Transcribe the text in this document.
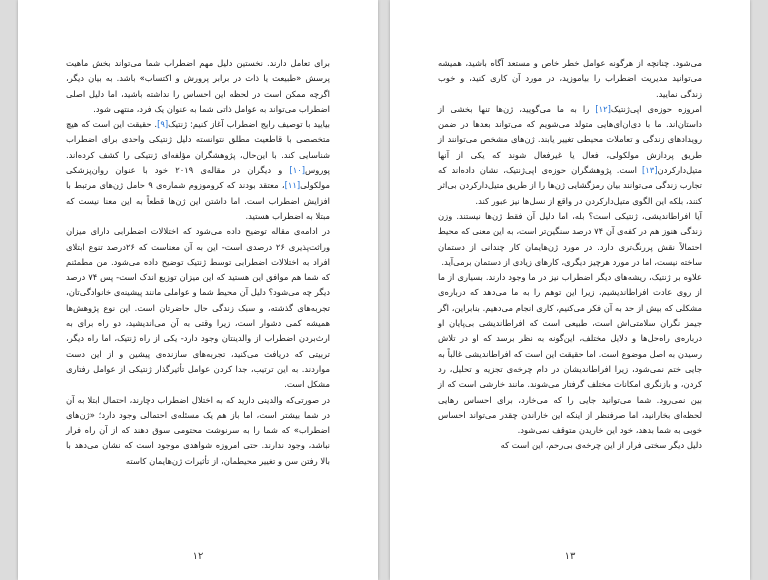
برای تعامل دارند. نخستین دلیل مهم اضطراب شما می‌تواند بخش ماهیت پرسش «طبیعت یا ذات در برابر پرورش و اکتساب» باشد. به بیان دیگر، اگرچه ممکن است در لحظه این احساس را نداشته باشید، اما دلیل اصلی اضطراب می‌تواند به عوامل ذاتی شما به عنوان یک فرد، منتهی شود.

بیایید با توصیف رایج اضطراب آغاز کنیم: ژنتیک[۹]. حقیقت این است که هیچ متخصصی با قاطعیت مطلق نتوانسته دلیل ژنتیکی واحدی برای اضطراب شناسایی کند. با این‌حال، پژوهشگران مؤلفه‌ای ژنتیکی را کشف کرده‌اند. پوروس[۱۰] و دیگران در مقاله‌ی ۲۰۱۹ خود با عنوان روان‌پزشکی مولکولی[۱۱]، معتقد بودند که کروموزوم شماره‌ی ۹ حامل ژن‌های مرتبط با افزایش اضطراب است. اما داشتن این ژن‌ها قطعاً به این معنا نیست که مبتلا به اضطراب هستید.

در ادامه‌ی مقاله توضیح داده می‌شود که اختلالات اضطرابی دارای میزان وراثت‌پذیری ۲۶ درصدی است- این به آن معناست که ۲۶درصد تنوع ابتلای افراد به اختلالات اضطرابی توسط ژنتیک توضیح داده می‌شود. من مطمئنم که شما هم موافق این هستید که این میزان توزیع اندک است- پس ۷۴ درصد دیگر چه می‌شود؟ دلیل آن محیط شما و عواملی مانند پیشینه‌ی خانوادگی‌تان، تجربه‌های گذشته، و سبک زندگی حال حاضرتان است. این نوع پژوهش‌ها همیشه کمی دشوار است، زیرا وقتی به آن می‌اندیشید، دو راه برای به ارث‌بردن اضطراب از والدینتان وجود دارد- یکی از راه ژنتیک، اما راه دیگر، تربیتی که دریافت می‌کنید، تجربه‌های سازنده‌ی پیشین و از این دست مواردند. به این ترتیب، جدا کردن عوامل تأثیرگذار ژنتیکی از عوامل رفتاری مشکل است.

در صورتی‌که والدینی دارید که به اختلال اضطراب دچارند، احتمال ابتلا به آن در شما بیشتر است، اما باز هم یک مسئله‌ی احتمالی وجود دارد؛ «ژن‌های اضطراب» که شما را به سرنوشت محتومی سوق دهند که از آن راه فرار نباشد، وجود ندارند. حتی امروزه شواهدی موجود است که نشان می‌دهد با بالا رفتن سن و تغییر محیطمان، از تأثیرات ژن‌هایمان کاسته

۱۲

می‌شود. چنانچه از هرگونه عوامل خطر خاص و مستعد آگاه باشید، همیشه می‌توانید مدیریت اضطراب را بیاموزید، در مورد آن کاری کنید، و خوب زندگی نمایید.

امروزه حوزه‌ی اپی‌ژنتیک[۱۲] را به ما می‌گویید، ژن‌ها تنها بخشی از داستان‌اند. ما با دی‌ان‌ای‌هایی متولد می‌شویم که می‌تواند بعدها در ضمن رویدادهای زندگی و تعاملات محیطی تغییر یابند. ژن‌های مشخص می‌توانند از طریق پردازش مولکولی، فعال یا غیرفعال شوند که یکی از آنها متیل‌دارکردن[۱۳] است. پژوهشگران حوزه‌ی اپی‌ژنتیک، نشان داده‌اند که تجارب زندگی می‌توانند بیان رمزگشایی ژن‌ها را از طریق متیل‌دارکردن بی‌اثر کنند، بلکه این الگوی متیل‌دارکردن در واقع از نسل‌ها نیز عبور کند.

آیا افراطاندیشی، ژنتیکی است؟ بله، اما دلیل آن فقط ژن‌ها نیستند. وزن زندگی هنوز هم در کفه‌ی آن ۷۴ درصد سنگین‌تر است، به این معنی که محیط احتمالاً نقش پررنگ‌تری دارد. در مورد ژن‌هایمان کار چندانی از دستمان ساخته نیست، اما در مورد هرچیز دیگری، کارهای زیادی از دستمان برمی‌آید.

علاوه بر ژنتیک، ریشه‌های دیگر اضطراب نیز در ما وجود دارند. بسیاری از ما از روی عادت افراطاندیشیم، زیرا این توهم را به ما می‌دهد که درباره‌ی مشکلی که بیش از حد به آن فکر می‌کنیم، کاری انجام می‌دهیم. بنابراین، اگر جیمز نگران سلامتی‌اش است، طبیعی است که افراطاندیشی بی‌پایان او درباره‌ی راه‌حل‌ها و دلایل مختلف، این‌گونه به نظر برسد که او در تلاش رسیدن به اصل موضوع است. اما حقیقت این است که افراطاندیشی غالباً به جایی ختم نمی‌شود، زیرا افراطاندیشان در دام چرخه‌ی تجزیه و تحلیل، رد کردن، و بازنگری امکانات مختلف گرفتار می‌شوند. مانند خارشی است که از بین نمی‌رود. شما می‌توانید جایی را که می‌خارد، برای احساس رهایی لحظه‌ای بخارانید، اما صرفنظر از اینکه این خاراندن چقدر می‌تواند احساس خوبی به شما بدهد، خود این خاریدن متوقف نمی‌شود.

دلیل دیگر سختی فرار از این چرخه‌ی بی‌رحم، این است که

۱۳
